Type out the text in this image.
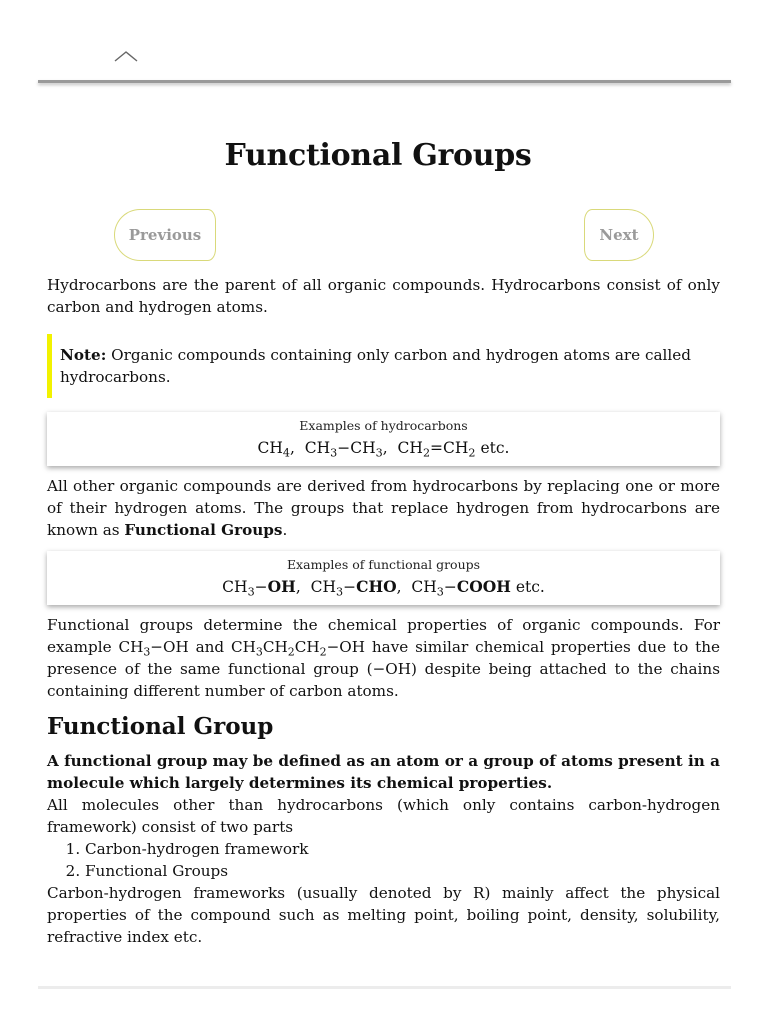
Functional Groups
Previous	Next

Hydrocarbons are the parent of all organic compounds. Hydrocarbons consist of only carbon and hydrogen atoms.

Note: Organic compounds containing only carbon and hydrogen atoms are called hydrocarbons.
Examples of hydrocarbons
$CH_4$,  $CH_3-CH_3$,  $CH_2=CH_2$ etc.

All other organic compounds are derived from hydrocarbons by replacing one or more of their hydrogen atoms. The groups that replace hydrogen from hydrocarbons are known as Functional Groups.

Examples of functional groups
$CH_3-OH$,  $CH_3-CHO$,  $CH_3-COOH$ etc.

Functional groups determine the chemical properties of organic compounds. For example $CH_3-OH$ and $CH_3CH_2CH_2-OH$ have similar chemical properties due to the presence of the same functional group (−OH) despite being attached to the chains containing different number of carbon atoms.

Functional Group

A functional group may be defined as an atom or a group of atoms present in a molecule which largely determines its chemical properties.

All molecules other than hydrocarbons (which only contains carbon-hydrogen framework) consist of two parts

1. Carbon-hydrogen framework
2. Functional Groups

Carbon-hydrogen frameworks (usually denoted by R) mainly affect the physical properties of the compound such as melting point, boiling point, density, solubility, refractive index etc.
